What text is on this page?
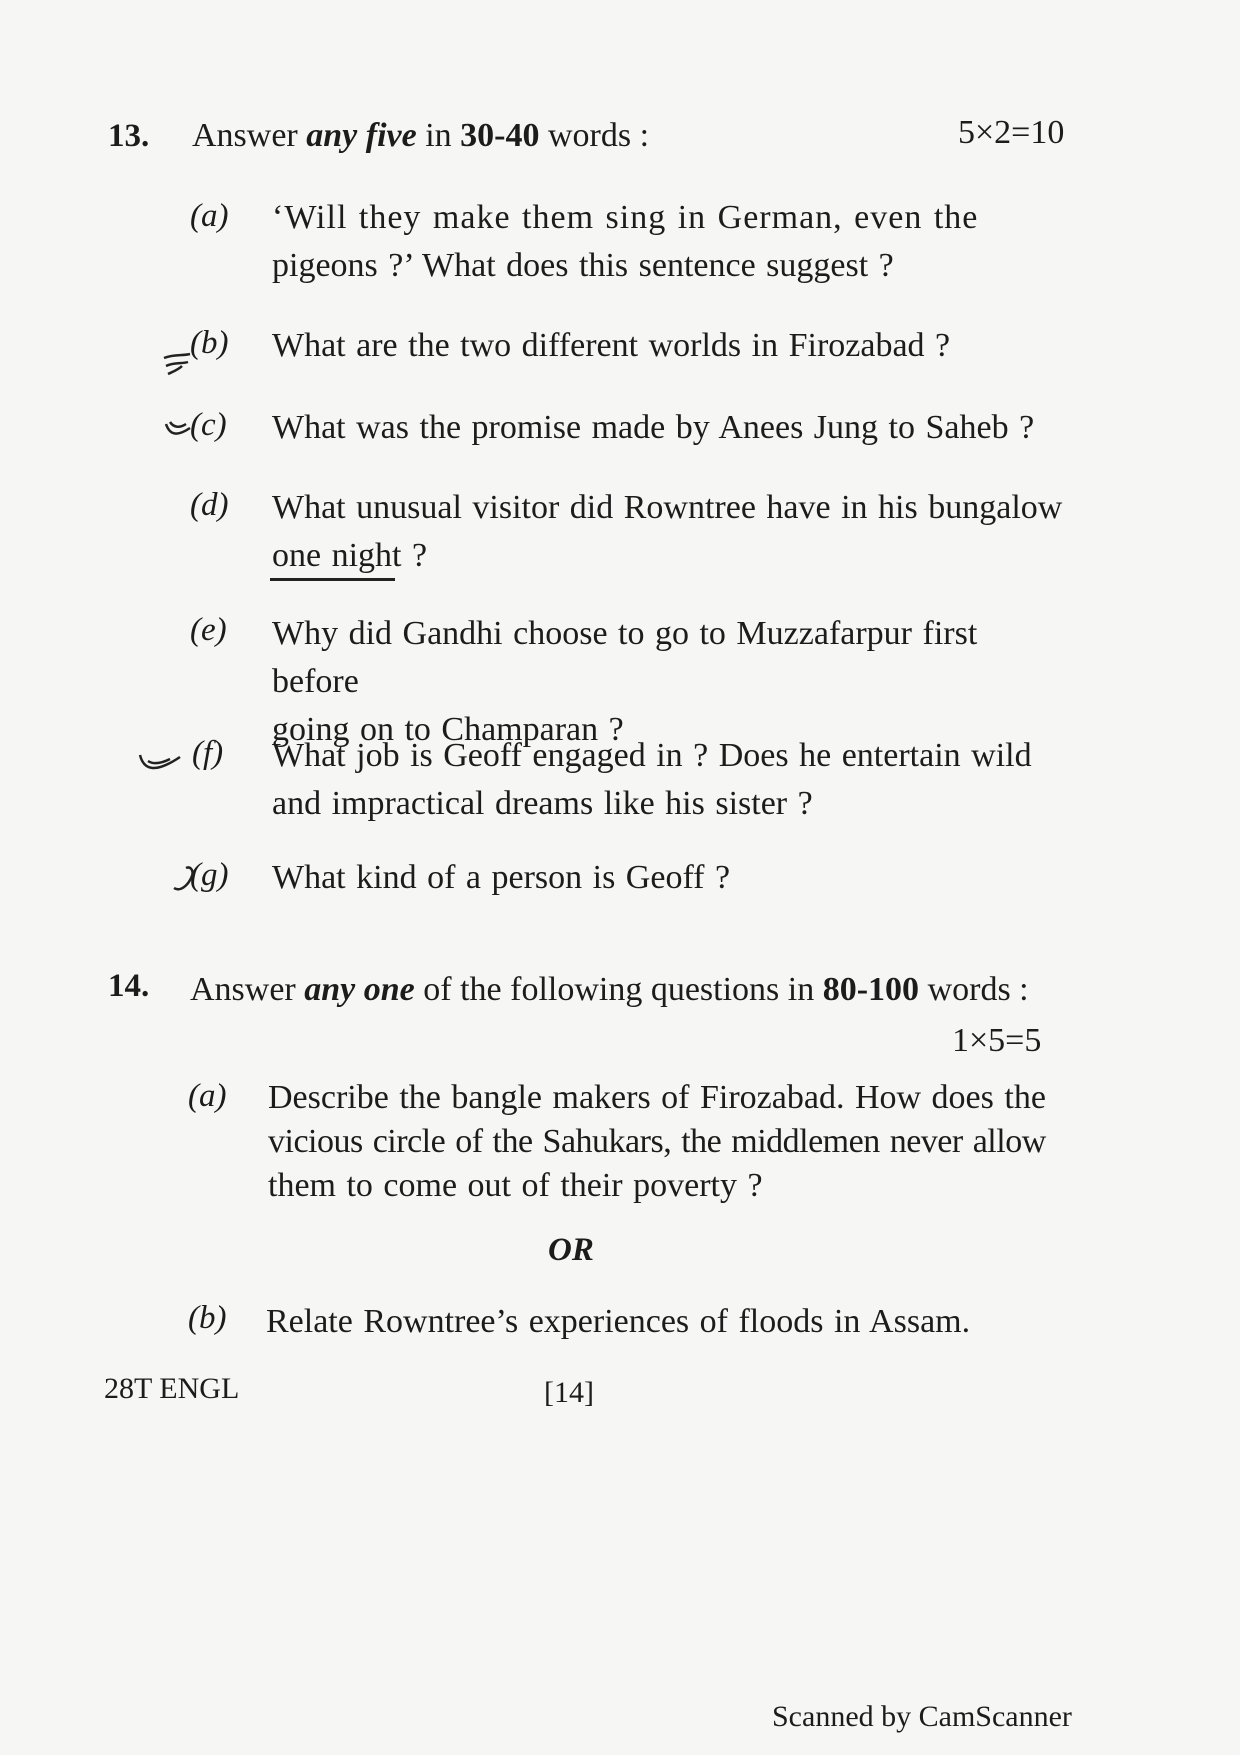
13. Answer any five in 30-40 words :	5×2=10
(a) ‘Will they make them sing in German, even the
pigeons ?’ What does this sentence suggest ?
(b) What are the two different worlds in Firozabad ?
(c) What was the promise made by Anees Jung to Saheb ?
(d) What unusual visitor did Rowntree have in his bungalow
one night ?
(e) Why did Gandhi choose to go to Muzzafarpur first before
going on to Champaran ?
(f) What job is Geoff engaged in ? Does he entertain wild
and impractical dreams like his sister ?
(g) What kind of a person is Geoff ?
14. Answer any one of the following questions in 80-100 words :
1×5=5
(a) Describe the bangle makers of Firozabad. How does the
vicious circle of the Sahukars, the middlemen never allow
them to come out of their poverty ?
OR
(b) Relate Rowntree’s experiences of floods in Assam.
28T ENGL	[14]
Scanned by CamScanner
